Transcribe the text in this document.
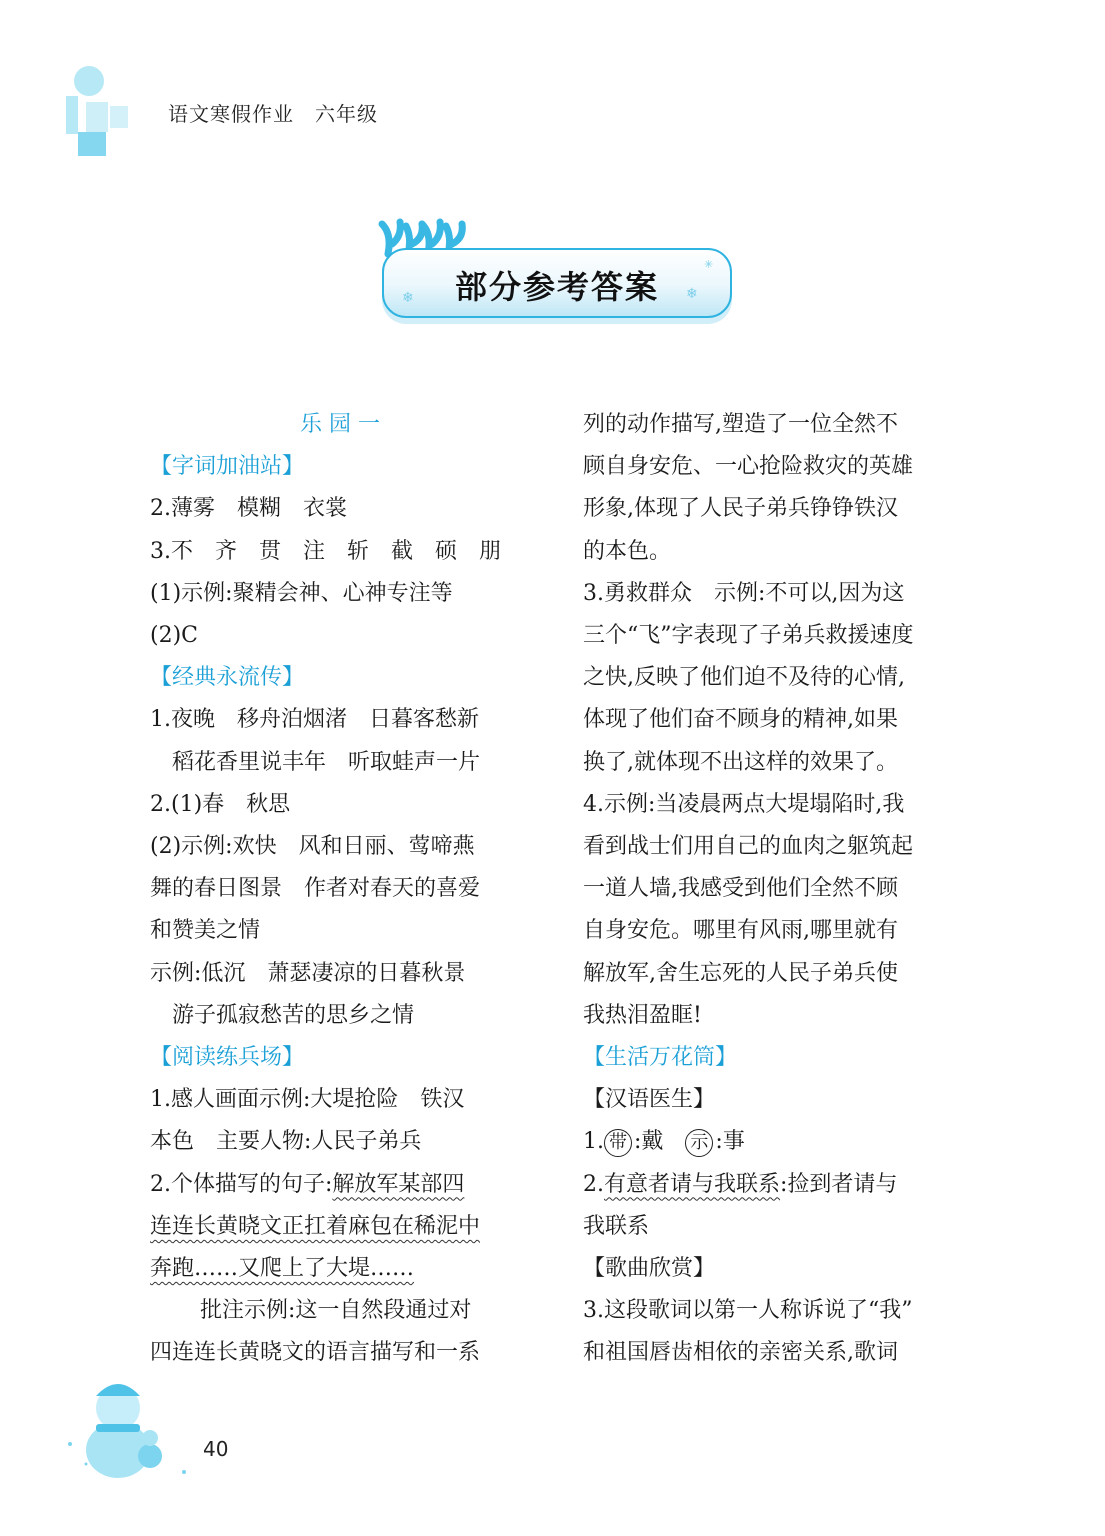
语文寒假作业　六年级
部分参考答案
❄	❄
✳

乐 园 一

【字词加油站】

2.薄雾　模糊　衣裳

3.不　齐　贯　注　斩　截　硕　朋

(1)示例:聚精会神、心神专注等

(2)C

【经典永流传】

1.夜晚　移舟泊烟渚　日暮客愁新

稻花香里说丰年　听取蛙声一片

2.(1)春　秋思

(2)示例:欢快　风和日丽、莺啼燕

舞的春日图景　作者对春天的喜爱

和赞美之情

示例:低沉　萧瑟凄凉的日暮秋景

游子孤寂愁苦的思乡之情

【阅读练兵场】

1.感人画面示例:大堤抢险　铁汉

本色　主要人物:人民子弟兵

2.个体描写的句子:解放军某部四

连连长黄晓文正扛着麻包在稀泥中

奔跑……又爬上了大堤……

批注示例:这一自然段通过对

四连连长黄晓文的语言描写和一系

列的动作描写,塑造了一位全然不

顾自身安危、一心抢险救灾的英雄

形象,体现了人民子弟兵铮铮铁汉

的本色。

3.勇救群众　示例:不可以,因为这

三个“飞”字表现了子弟兵救援速度

之快,反映了他们迫不及待的心情,

体现了他们奋不顾身的精神,如果

换了,就体现不出这样的效果了。

4.示例:当凌晨两点大堤塌陷时,我

看到战士们用自己的血肉之躯筑起

一道人墙,我感受到他们全然不顾

自身安危。哪里有风雨,哪里就有

解放军,舍生忘死的人民子弟兵使

我热泪盈眶!

【生活万花筒】

【汉语医生】

1. 带 :戴　示 :事

2.有意者请与我联系:捡到者请与

我联系

【歌曲欣赏】

3.这段歌词以第一人称诉说了“我”

和祖国唇齿相依的亲密关系,歌词

40
